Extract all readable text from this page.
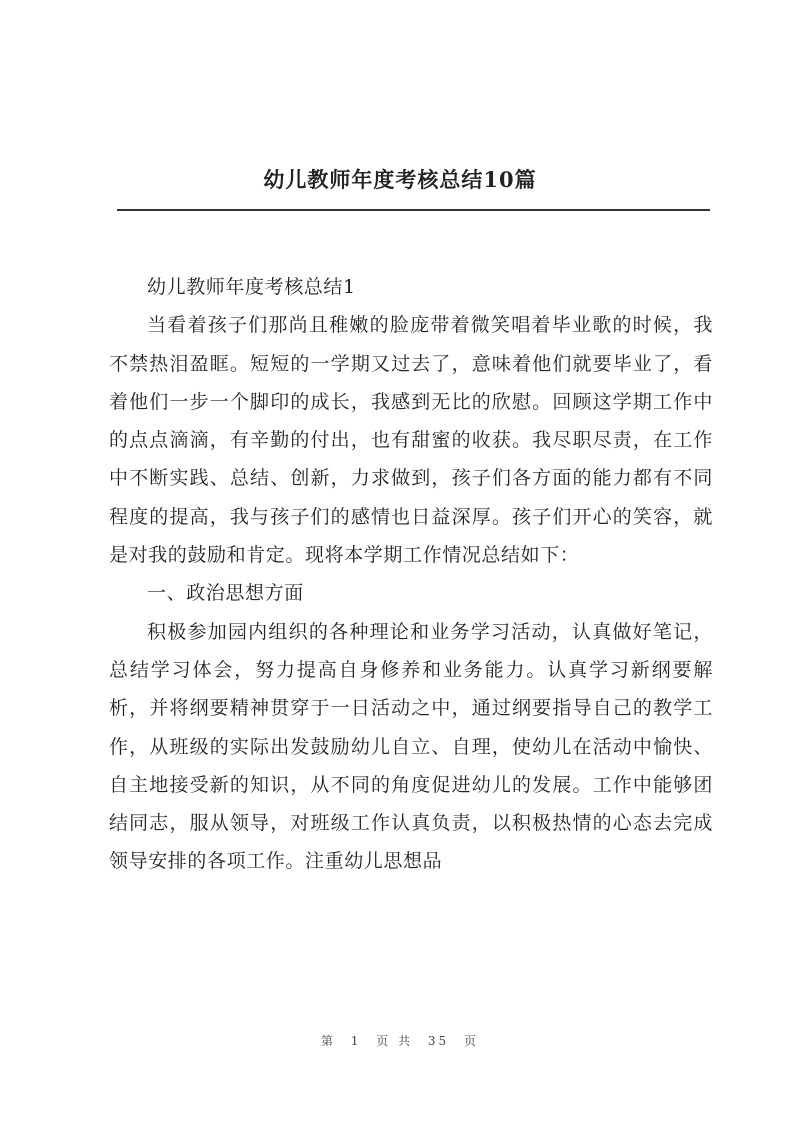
幼儿教师年度考核总结10篇

幼儿教师年度考核总结1

当看着孩子们那尚且稚嫩的脸庞带着微笑唱着毕业歌的时候，我不禁热泪盈眶。短短的一学期又过去了，意味着他们就要毕业了，看着他们一步一个脚印的成长，我感到无比的欣慰。回顾这学期工作中的点点滴滴，有辛勤的付出，也有甜蜜的收获。我尽职尽责，在工作中不断实践、总结、创新，力求做到，孩子们各方面的能力都有不同程度的提高，我与孩子们的感情也日益深厚。孩子们开心的笑容，就是对我的鼓励和肯定。现将本学期工作情况总结如下：

一、政治思想方面

积极参加园内组织的各种理论和业务学习活动，认真做好笔记，总结学习体会，努力提高自身修养和业务能力。认真学习新纲要解析，并将纲要精神贯穿于一日活动之中，通过纲要指导自己的教学工作，从班级的实际出发鼓励幼儿自立、自理，使幼儿在活动中愉快、自主地接受新的知识，从不同的角度促进幼儿的发展。工作中能够团结同志，服从领导，对班级工作认真负责，以积极热情的心态去完成领导安排的各项工作。注重幼儿思想品

第 1 页 共 35 页
